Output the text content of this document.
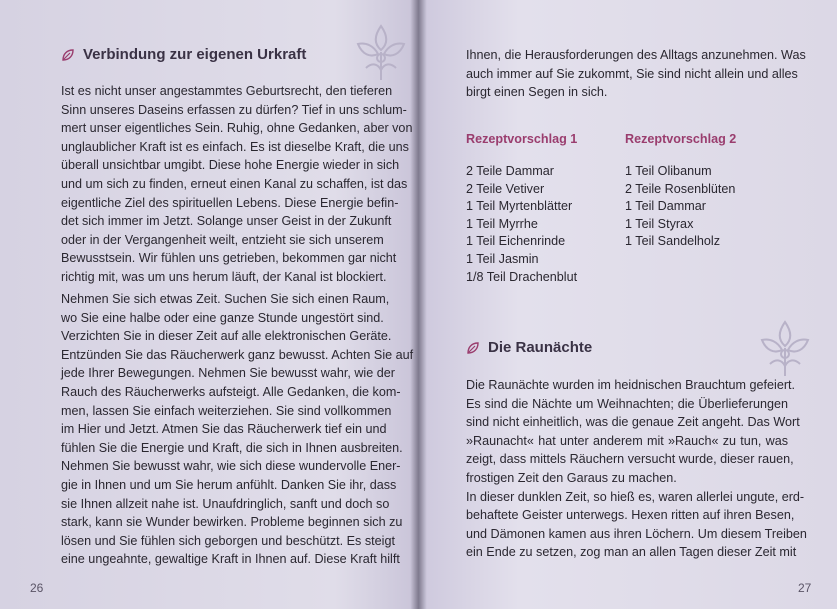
Verbindung zur eigenen Urkraft
Ist es nicht unser angestammtes Geburtsrecht, den tieferen
Sinn unseres Daseins erfassen zu dürfen? Tief in uns schlum-
mert unser eigentliches Sein. Ruhig, ohne Gedanken, aber von
unglaublicher Kraft ist es einfach. Es ist dieselbe Kraft, die uns
überall unsichtbar umgibt. Diese hohe Energie wieder in sich
und um sich zu finden, erneut einen Kanal zu schaffen, ist das
eigentliche Ziel des spirituellen Lebens. Diese Energie befin-
det sich immer im Jetzt. Solange unser Geist in der Zukunft
oder in der Vergangenheit weilt, entzieht sie sich unserem
Bewusstsein. Wir fühlen uns getrieben, bekommen gar nicht
richtig mit, was um uns herum läuft, der Kanal ist blockiert.
Nehmen Sie sich etwas Zeit. Suchen Sie sich einen Raum,
wo Sie eine halbe oder eine ganze Stunde ungestört sind.
Verzichten Sie in dieser Zeit auf alle elektronischen Geräte.
Entzünden Sie das Räucherwerk ganz bewusst. Achten Sie auf
jede Ihrer Bewegungen. Nehmen Sie bewusst wahr, wie der
Rauch des Räucherwerks aufsteigt. Alle Gedanken, die kom-
men, lassen Sie einfach weiterziehen. Sie sind vollkommen
im Hier und Jetzt. Atmen Sie das Räucherwerk tief ein und
fühlen Sie die Energie und Kraft, die sich in Ihnen ausbreiten.
Nehmen Sie bewusst wahr, wie sich diese wundervolle Ener-
gie in Ihnen und um Sie herum anfühlt. Danken Sie ihr, dass
sie Ihnen allzeit nahe ist. Unaufdringlich, sanft und doch so
stark, kann sie Wunder bewirken. Probleme beginnen sich zu
lösen und Sie fühlen sich geborgen und beschützt. Es steigt
eine ungeahnte, gewaltige Kraft in Ihnen auf. Diese Kraft hilft
26
Ihnen, die Herausforderungen des Alltags anzunehmen. Was
auch immer auf Sie zukommt, Sie sind nicht allein und alles
birgt einen Segen in sich.
Rezeptvorschlag 1
2 Teile Dammar
2 Teile Vetiver
1 Teil Myrtenblätter
1 Teil Myrrhe
1 Teil Eichenrinde
1 Teil Jasmin
1/8 Teil Drachenblut
Rezeptvorschlag 2
1 Teil Olibanum
2 Teile Rosenblüten
1 Teil Dammar
1 Teil Styrax
1 Teil Sandelholz
Die Raunächte
Die Raunächte wurden im heidnischen Brauchtum gefeiert.
Es sind die Nächte um Weihnachten; die Überlieferungen
sind nicht einheitlich, was die genaue Zeit angeht. Das Wort
»Raunacht« hat unter anderem mit »Rauch« zu tun, was
zeigt, dass mittels Räuchern versucht wurde, dieser rauen,
frostigen Zeit den Garaus zu machen.
In dieser dunklen Zeit, so hieß es, waren allerlei ungute, erd-
behaftete Geister unterwegs. Hexen ritten auf ihren Besen,
und Dämonen kamen aus ihren Löchern. Um diesem Treiben
ein Ende zu setzen, zog man an allen Tagen dieser Zeit mit
27
